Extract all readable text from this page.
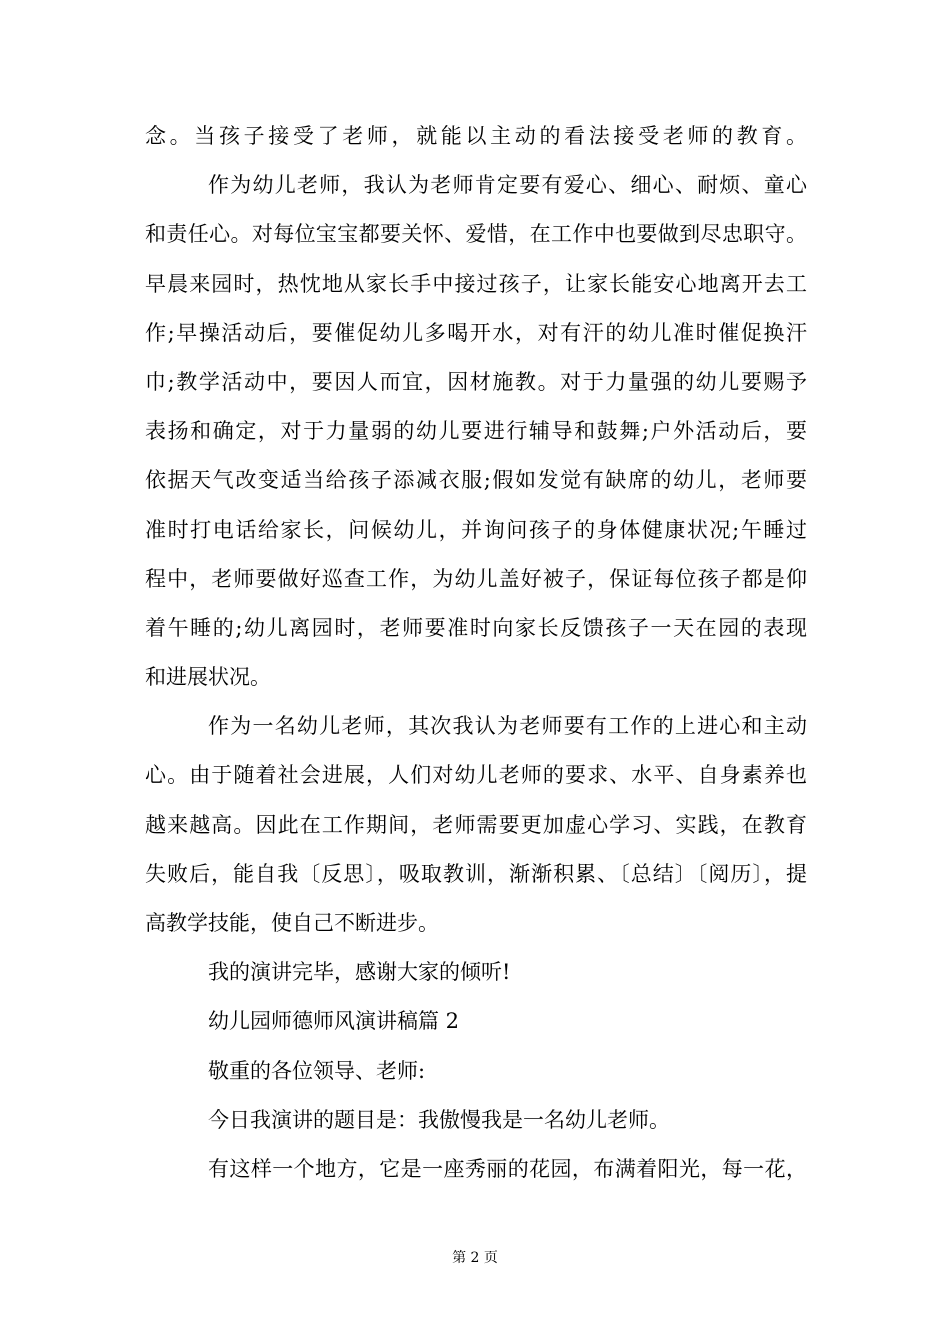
念。当孩子接受了老师，就能以主动的看法接受老师的教育。
作为幼儿老师，我认为老师肯定要有爱心、细心、耐烦、童心
和责任心。对每位宝宝都要关怀、爱惜，在工作中也要做到尽忠职守。
早晨来园时，热忱地从家长手中接过孩子，让家长能安心地离开去工
作;早操活动后，要催促幼儿多喝开水，对有汗的幼儿准时催促换汗
巾;教学活动中，要因人而宜，因材施教。对于力量强的幼儿要赐予
表扬和确定，对于力量弱的幼儿要进行辅导和鼓舞;户外活动后，要
依据天气改变适当给孩子添减衣服;假如发觉有缺席的幼儿，老师要
准时打电话给家长，问候幼儿，并询问孩子的身体健康状况;午睡过
程中，老师要做好巡查工作，为幼儿盖好被子，保证每位孩子都是仰
着午睡的;幼儿离园时，老师要准时向家长反馈孩子一天在园的表现
和进展状况。
作为一名幼儿老师，其次我认为老师要有工作的上进心和主动
心。由于随着社会进展，人们对幼儿老师的要求、水平、自身素养也
越来越高。因此在工作期间，老师需要更加虚心学习、实践，在教育
失败后，能自我〔反思〕，吸取教训，渐渐积累、〔总结〕〔阅历〕，提
高教学技能，使自己不断进步。
我的演讲完毕，感谢大家的倾听!
幼儿园师德师风演讲稿篇 2
敬重的各位领导、老师:
今日我演讲的题目是：我傲慢我是一名幼儿老师。
有这样一个地方，它是一座秀丽的花园，布满着阳光，每一花，
第 2 页
